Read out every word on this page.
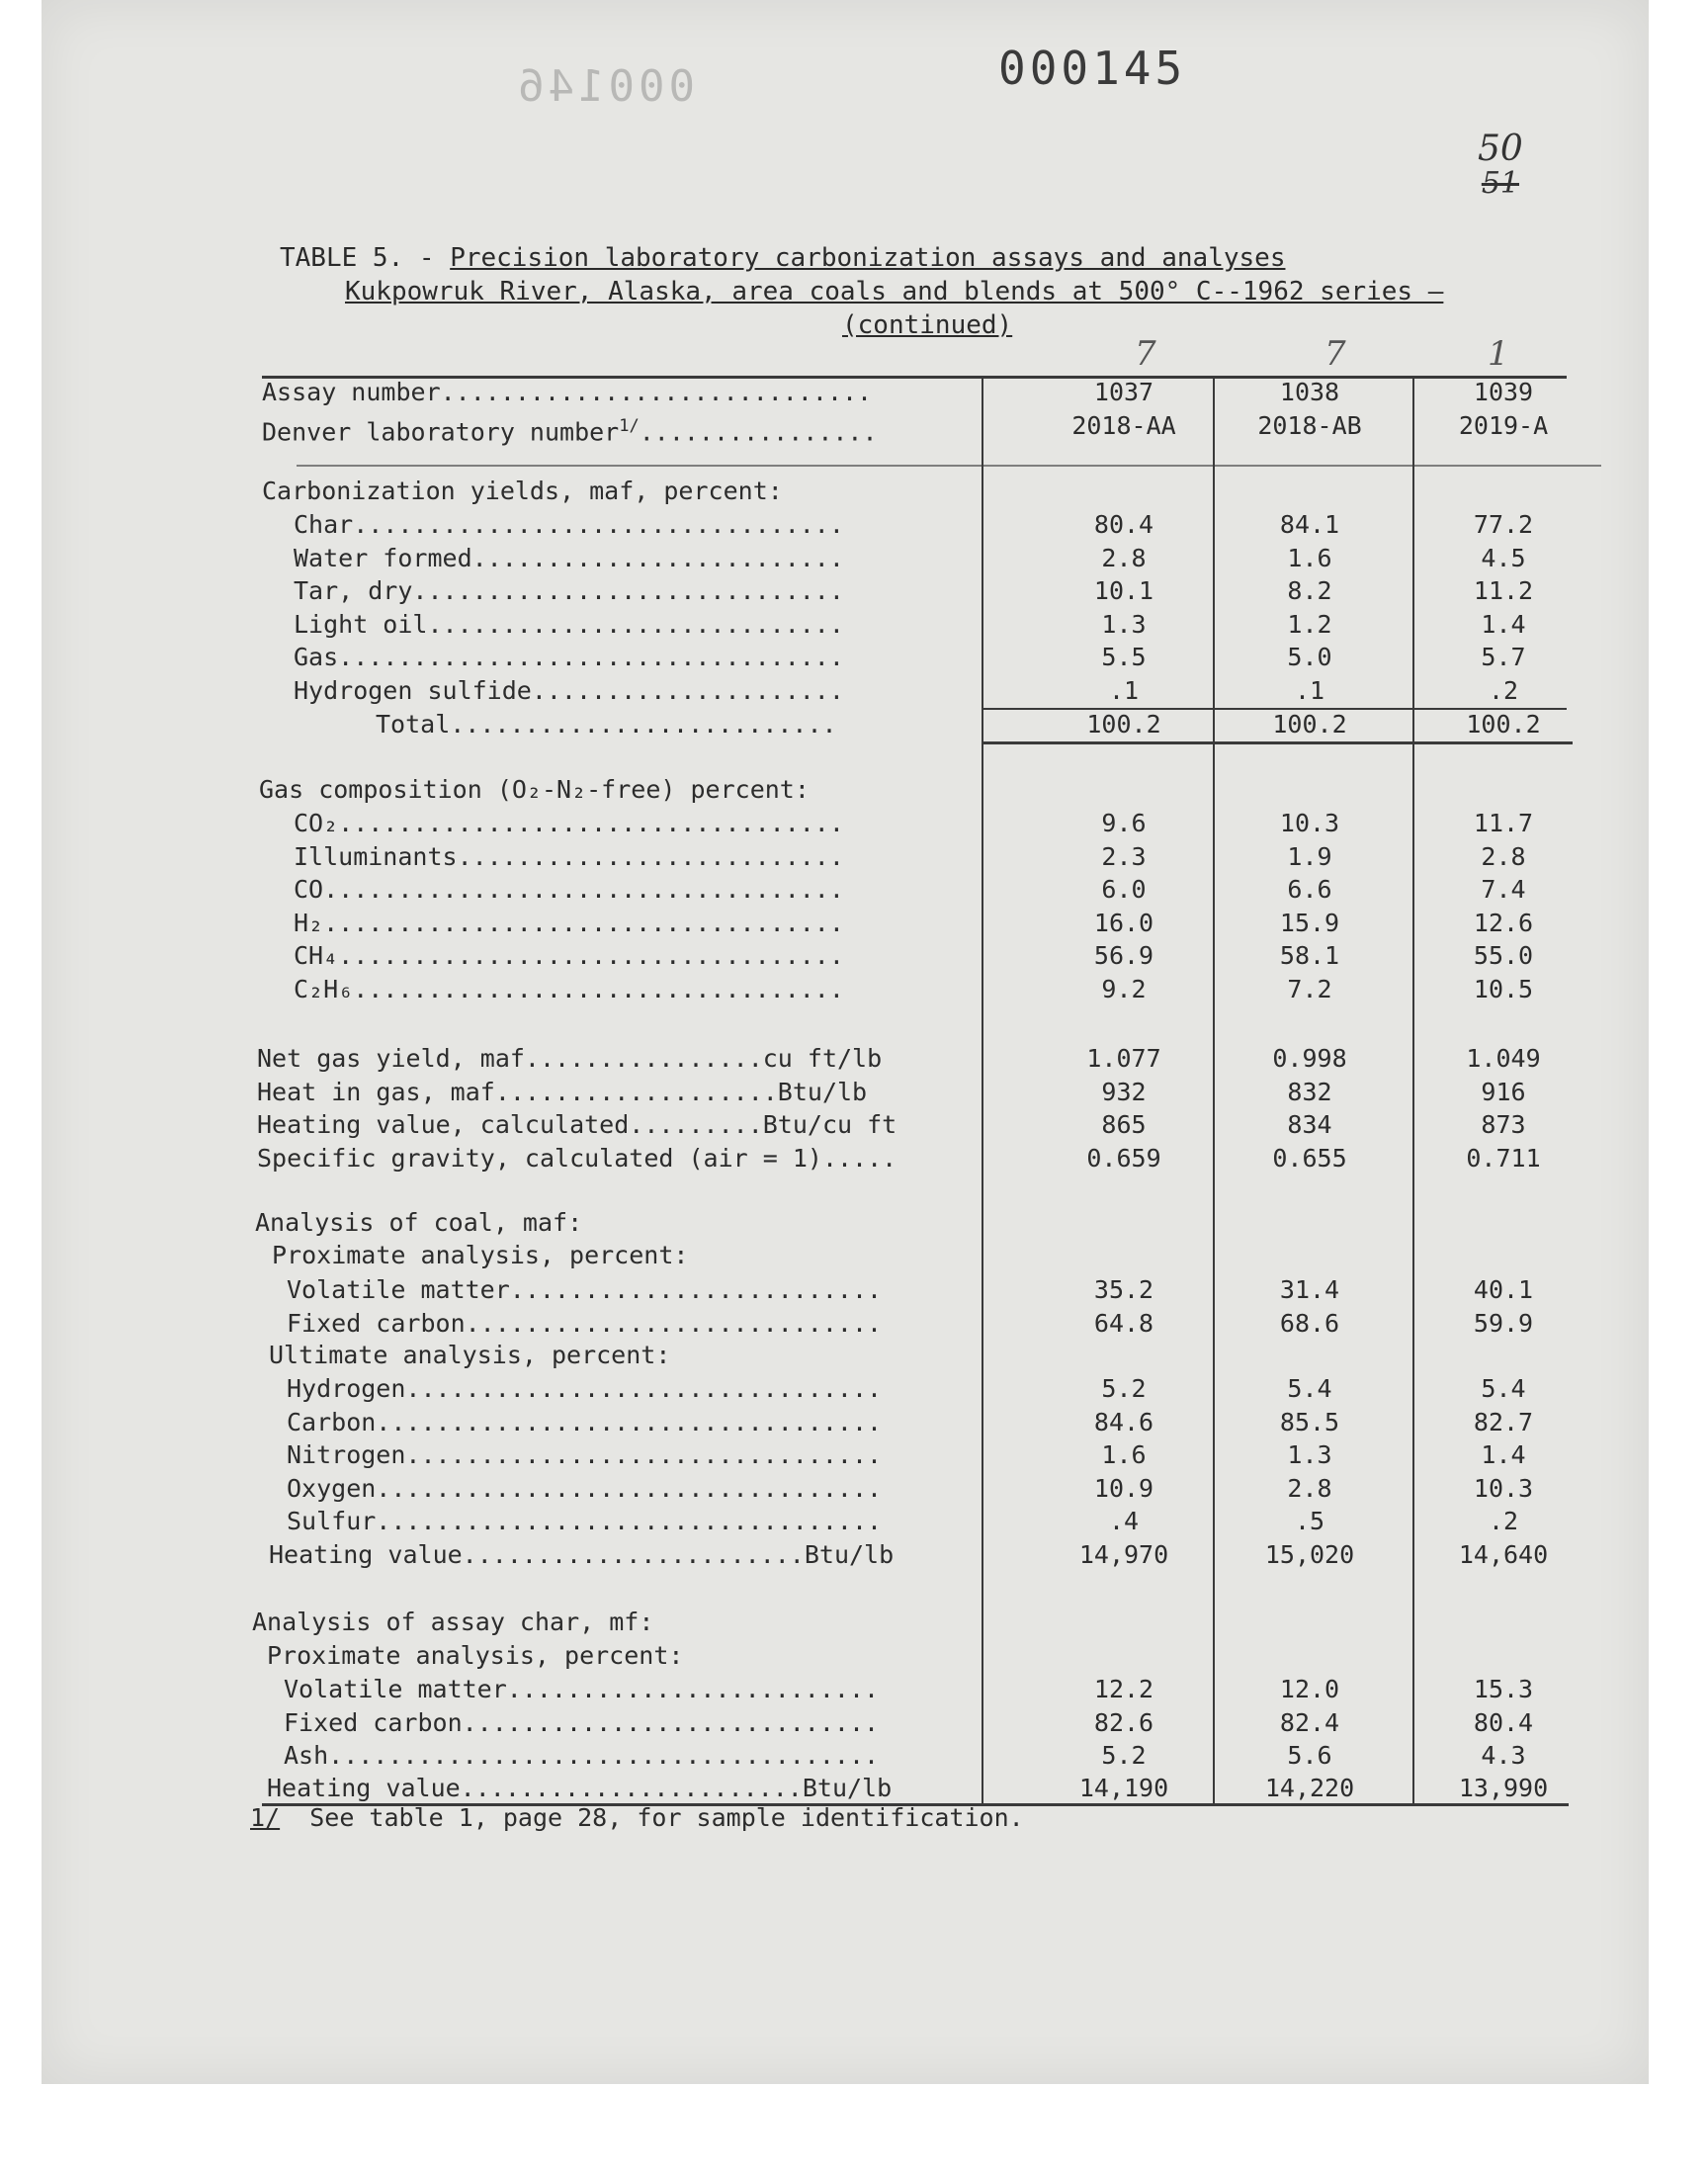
000146	000145
50
51
TABLE 5. - Precision laboratory carbonization assays and analyses
Kukpowruk River, Alaska, area coals and blends at 500° C--1962 series —
(continued)
7	7	1
Assay number.............................	1037	1038	1039
Denver laboratory number$^{1/}$................	2018-AA	2018-AB	2019-A
Carbonization yields, maf, percent:
Char.................................	80.4	84.1	77.2
Water formed.........................	2.8	1.6	4.5
Tar, dry.............................	10.1	8.2	11.2
Light oil............................	1.3	1.2	1.4
Gas..................................	5.5	5.0	5.7
Hydrogen sulfide.....................	.1	.1	.2
Total..........................	100.2	100.2	100.2
Gas composition (O₂-N₂-free) percent:
CO₂..................................	9.6	10.3	11.7
Illuminants..........................	2.3	1.9	2.8
CO...................................	6.0	6.6	7.4
H₂...................................	16.0	15.9	12.6
CH₄..................................	56.9	58.1	55.0
C₂H₆.................................	9.2	7.2	10.5
Net gas yield, maf................cu ft/lb	1.077	0.998	1.049
Heat in gas, maf...................Btu/lb	932	832	916
Heating value, calculated.........Btu/cu ft	865	834	873
Specific gravity, calculated (air = 1).....	0.659	0.655	0.711
Analysis of coal, maf:
Proximate analysis, percent:
Volatile matter.........................	35.2	31.4	40.1
Fixed carbon............................	64.8	68.6	59.9
Ultimate analysis, percent:
Hydrogen................................	5.2	5.4	5.4
Carbon..................................	84.6	85.5	82.7
Nitrogen................................	1.6	1.3	1.4
Oxygen..................................	10.9	2.8	10.3
Sulfur..................................	.4	.5	.2
Heating value.......................Btu/lb	14,970	15,020	14,640
Analysis of assay char, mf:
Proximate analysis, percent:
Volatile matter.........................	12.2	12.0	15.3
Fixed carbon............................	82.6	82.4	80.4
Ash.....................................	5.2	5.6	4.3
Heating value.......................Btu/lb	14,190	14,220	13,990
1/  See table 1, page 28, for sample identification.
